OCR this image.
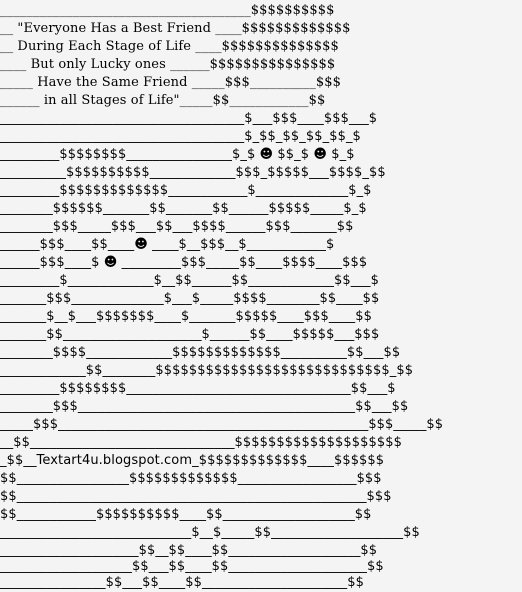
______________________________________$$$$$$$$$$
__ "Everyone Has a Best Friend ____$$$$$$$$$$$$$
__ During Each Stage of Life ____$$$$$$$$$$$$$$
____ But only Lucky ones ______$$$$$$$$$$$$$$$
_____ Have the Same Friend _____$$$__________$$$
______ in all Stages of Life"_____$$____________$$
_____________________________________$___$$$____$$$___$
_____________________________________$_$$_$$_$$_$$_$
_________$$$$$$$$________________$_$ ☻ $$_$ ☻ $_$
__________$$$$$$$$$$_____________$$$_$$$$$___$$$$_$$
_________$$$$$$$$$$$$$____________$______________$_$
________$$$$$$_______$$_______$$______$$$$$_____$_$
________$$$_____$$$___$$___$$$$______$$$_______$$
______$$$____$$____☻ ____$__$$$__$____________$
______$$$____$ ☻ _________$$$_____$$____$$$$____$$$
_________$_____________$__$$______$$_____________$$___$
_______$$$______________$___$_____$$$$________$$____$$
_______$__$___$$$$$$$____$_______$$$$$____$$$____$$
_______$$_____________________$______$$____$$$$$___$$$
________$$$$_____________$$$$$$$$$$$$$__________$$___$$
_____________$$________$$$$$$$$$$$$$$$$$$$$$$$$$$$$_$$
_________$$$$$$$$__________________________________$$___$
________$$$__________________________________________$$___$$
_____$$$_______________________________________________$$$_____$$
__$$_______________________________$$$$$$$$$$$$$$$$$$$$
_$$__Textart4u.blogspot.com_$$$$$$$$$$$$$____$$$$$$
$$_________________$$$$$$$$$$$$$__________________$$$
$$_____________________________________________________$$$
$$____________$$$$$$$$$$____$$____________________$$
_____________________________$__$_____$$____________________$$
_____________________$$__$$____$$____________________$$
____________________$$___$$____$$_____________________$$
________________$$___$$____$$______________________$$
